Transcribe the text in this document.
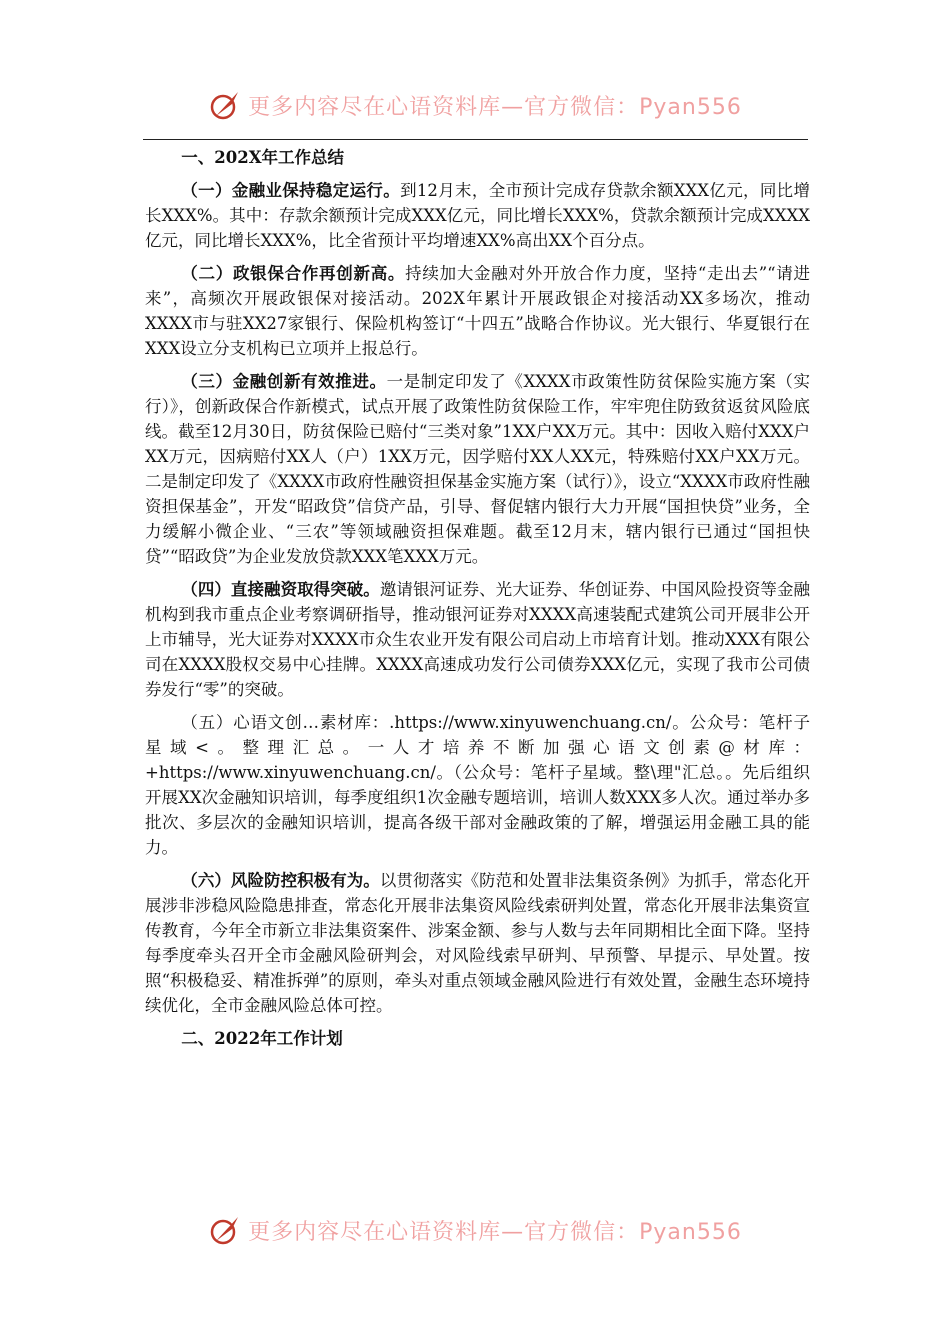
更多内容尽在心语资料库—官方微信：Pyan556

一、202X年工作总结

（一）金融业保持稳定运行。到12月末，全市预计完成存贷款余额XXX亿元，同比增长XXX%。其中：存款余额预计完成XXX亿元，同比增长XXX%，贷款余额预计完成XXXX亿元，同比增长XXX%，比全省预计平均增速XX%高出XX个百分点。

（二）政银保合作再创新高。持续加大金融对外开放合作力度，坚持“走出去”“请进来”，高频次开展政银保对接活动。202X年累计开展政银企对接活动XX多场次，推动XXXX市与驻XX27家银行、保险机构签订“十四五”战略合作协议。光大银行、华夏银行在XXX设立分支机构已立项并上报总行。

（三）金融创新有效推进。一是制定印发了《XXXX市政策性防贫保险实施方案（实行）》，创新政保合作新模式，试点开展了政策性防贫保险工作，牢牢兜住防致贫返贫风险底线。截至12月30日，防贫保险已赔付“三类对象”1XX户XX万元。其中：因收入赔付XXX户XX万元，因病赔付XX人（户）1XX万元，因学赔付XX人XX元，特殊赔付XX户XX万元。二是制定印发了《XXXX市政府性融资担保基金实施方案（试行）》，设立“XXXX市政府性融资担保基金”，开发“昭政贷”信贷产品，引导、督促辖内银行大力开展“国担快贷”业务，全力缓解小微企业、“三农”等领域融资担保难题。截至12月末，辖内银行已通过“国担快贷”“昭政贷”为企业发放贷款XXX笔XXX万元。

（四）直接融资取得突破。邀请银河证券、光大证券、华创证券、中国风险投资等金融机构到我市重点企业考察调研指导，推动银河证券对XXXX高速装配式建筑公司开展非公开上市辅导，光大证券对XXXX市众生农业开发有限公司启动上市培育计划。推动XXX有限公司在XXXX股权交易中心挂牌。XXXX高速成功发行公司债券XXX亿元，实现了我市公司债券发行“零”的突破。

（五）心语文创…素材库：.https://www.xinyuwenchuang.cn/。公众号：笔杆子星域<。整理汇总。一人才培养不断加强心语文创素@材库：+https://www.xinyuwenchuang.cn/。（公众号：笔杆子星域。整\理"汇总。。先后组织开展XX次金融知识培训，每季度组织1次金融专题培训，培训人数XXX多人次。通过举办多批次、多层次的金融知识培训，提高各级干部对金融政策的了解，增强运用金融工具的能力。

（六）风险防控积极有为。以贯彻落实《防范和处置非法集资条例》为抓手，常态化开展涉非涉稳风险隐患排查，常态化开展非法集资风险线索研判处置，常态化开展非法集资宣传教育，今年全市新立非法集资案件、涉案金额、参与人数与去年同期相比全面下降。坚持每季度牵头召开全市金融风险研判会，对风险线索早研判、早预警、早提示、早处置。按照“积极稳妥、精准拆弹”的原则，牵头对重点领域金融风险进行有效处置，金融生态环境持续优化，全市金融风险总体可控。

二、2022年工作计划

更多内容尽在心语资料库—官方微信：Pyan556
